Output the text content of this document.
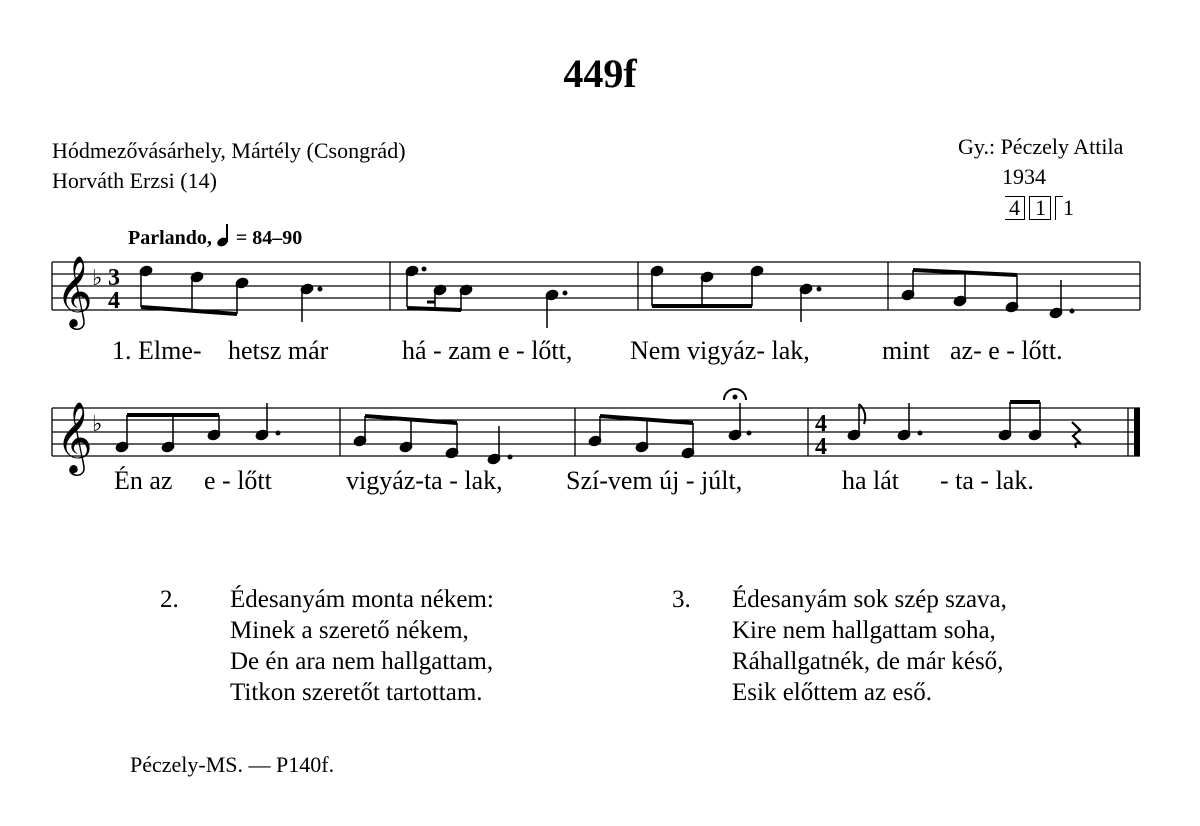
449f
Hódmezővásárhely, Mártély (Csongrád)
Horváth Erzsi (14)
Gy.: Péczely Attila
1934
4 1 1
Parlando, = 84–90
𝄞
𝄞
♭
♭
3
4
4
4
1. Elme- hetsz már	há - zam e - lőtt, Nem vigyáz- lak,	mint az- e - lőtt.
Én az e - lőtt	vigyáz-ta - lak, Szí-vem új - júlt,	ha lát - ta - lak.
2. Édesanyám monta nékem:
Minek a szerető nékem,
De én ara nem hallgattam,
Titkon szeretőt tartottam.
3. Édesanyám sok szép szava,
Kire nem hallgattam soha,
Ráhallgatnék, de már késő,
Esik előttem az eső.
Péczely-MS. — P140f.
